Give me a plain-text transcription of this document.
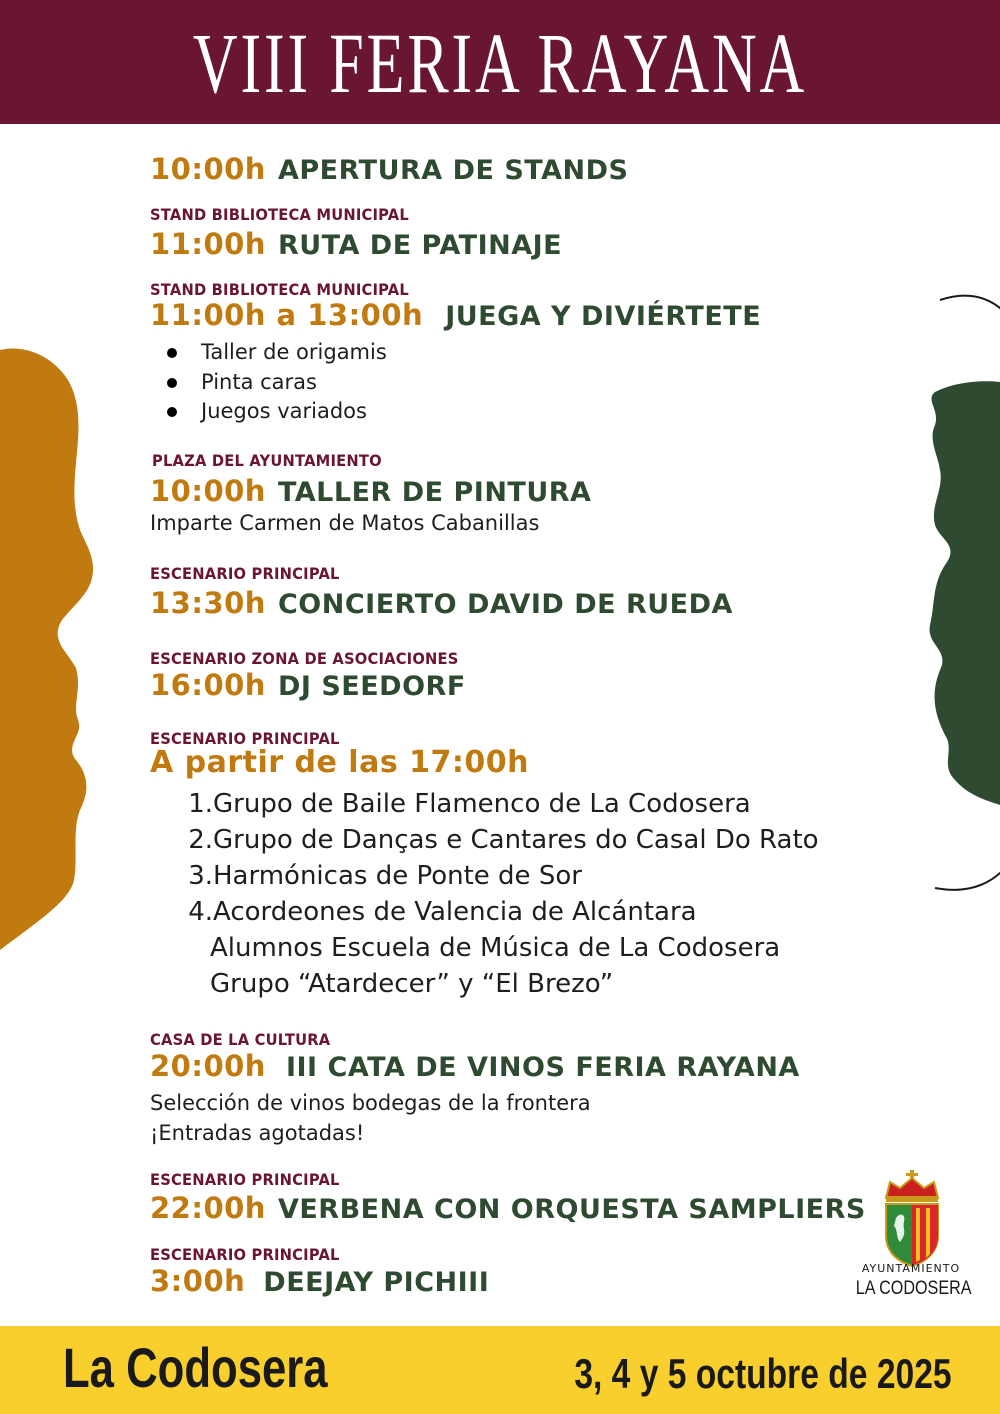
VIII FERIA RAYANA
10:00h APERTURA DE STANDS
STAND BIBLIOTECA MUNICIPAL
11:00h RUTA DE PATINAJE
STAND BIBLIOTECA MUNICIPAL
11:00h a 13:00h JUEGA Y DIVIÉRTETE
Taller de origamis
Pinta caras
Juegos variados
PLAZA DEL AYUNTAMIENTO
10:00h TALLER DE PINTURA
Imparte Carmen de Matos Cabanillas
ESCENARIO PRINCIPAL
13:30h CONCIERTO DAVID DE RUEDA
ESCENARIO ZONA DE ASOCIACIONES
16:00h DJ SEEDORF
ESCENARIO PRINCIPAL
A partir de las 17:00h
1. Grupo de Baile Flamenco de La Codosera
2. Grupo de Danças e Cantares do Casal Do Rato
3. Harmónicas de Ponte de Sor
4. Acordeones de Valencia de Alcántara
Alumnos Escuela de Música de La Codosera
Grupo “Atardecer” y “El Brezo”
CASA DE LA CULTURA
20:00h III CATA DE VINOS FERIA RAYANA
Selección de vinos bodegas de la frontera
¡Entradas agotadas!
ESCENARIO PRINCIPAL
22:00h VERBENA CON ORQUESTA SAMPLIERS
ESCENARIO PRINCIPAL
3:00h DEEJAY PICHIII	AYUNTAMIENTO
LA CODOSERA
La Codosera	3, 4 y 5 octubre de 2025
